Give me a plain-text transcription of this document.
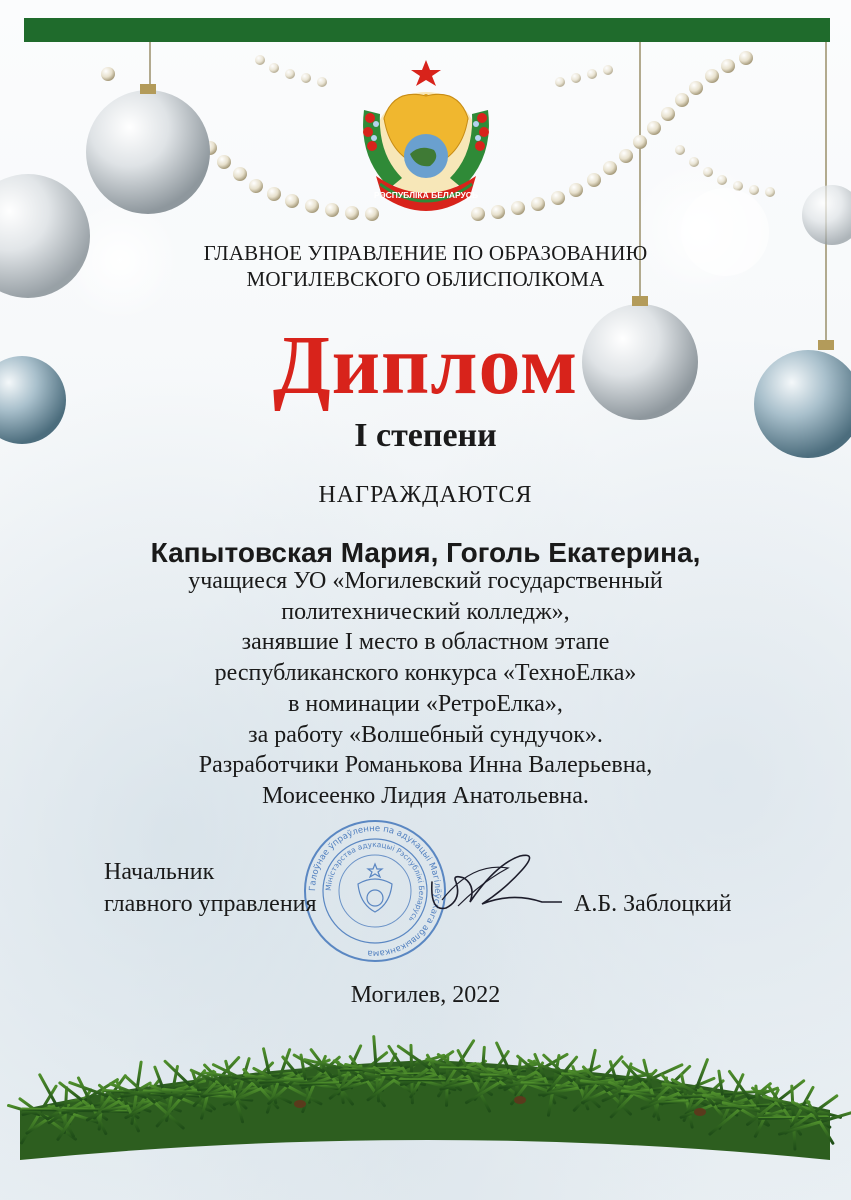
РЭСПУБЛІКА БЕЛАРУСЬ
ГЛАВНОЕ УПРАВЛЕНИЕ ПО ОБРАЗОВАНИЮ
МОГИЛЕВСКОГО ОБЛИСПОЛКОМА
Диплом
I степени
НАГРАЖДАЮТСЯ
Капытовская Мария, Гоголь Екатерина,
учащиеся УО «Могилевский государственный
политехнический колледж»,
занявшие I место в областном этапе
республиканского конкурса «ТехноЕлка»
в номинации «РетроЕлка»,
за работу «Волшебный сундучок».
Разработчики Романькова Инна Валерьевна,
Моисеенко Лидия Анатольевна.
Галоўнае ўпраўленне па адукацыі Магілёўскага аблвыканкама
Міністэрства адукацыі Рэспублікі Беларусь
Начальник
главного управления	А.Б. Заблоцкий
Могилев, 2022
